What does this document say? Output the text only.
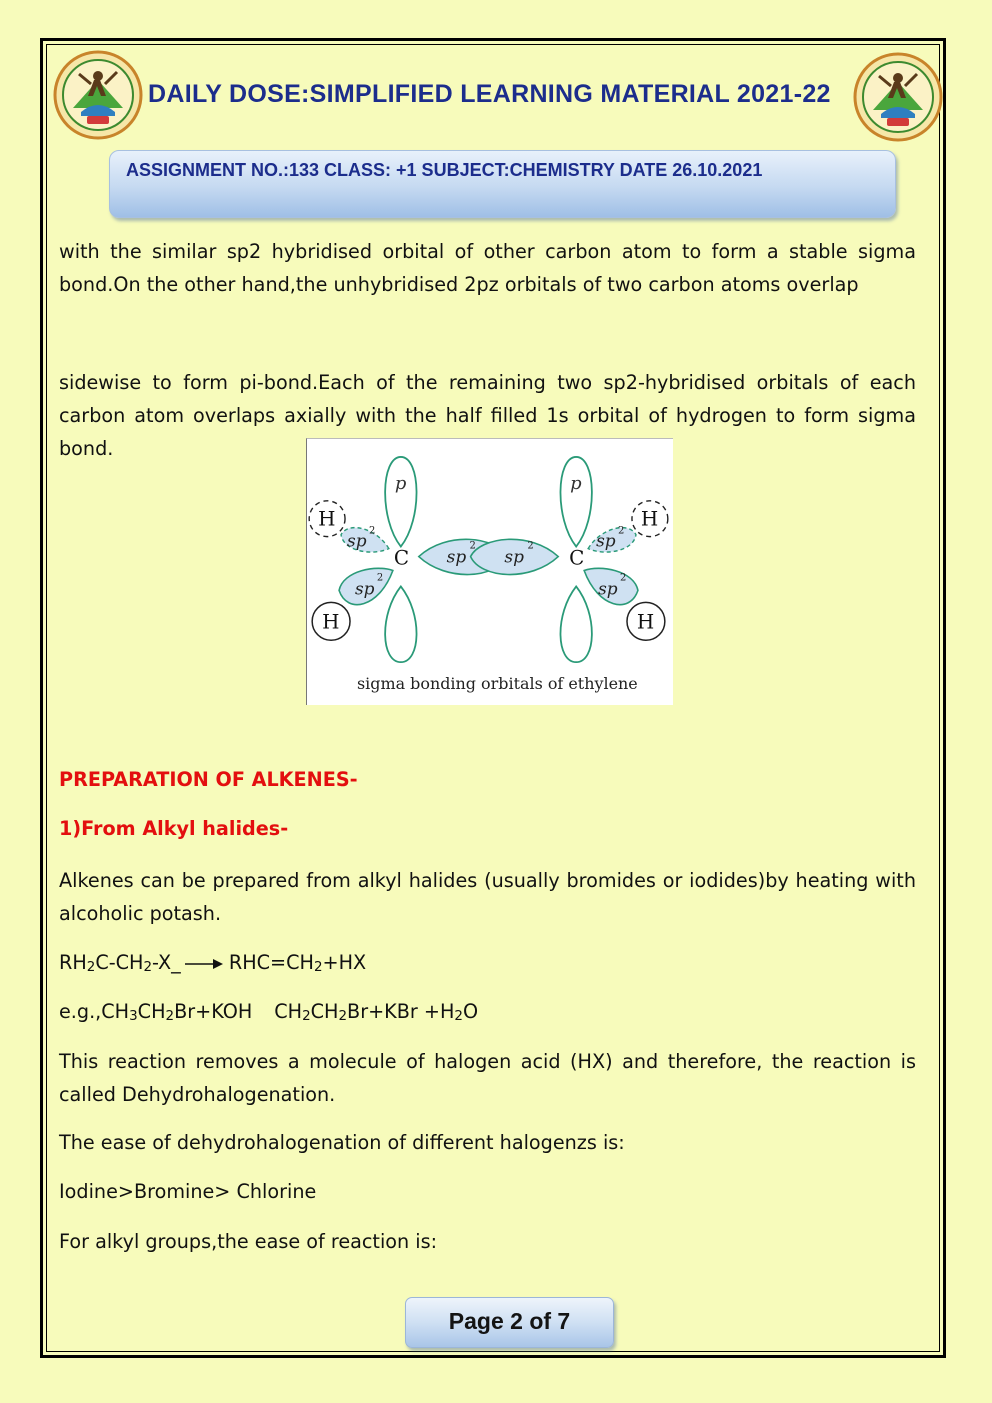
DAILY DOSE:SIMPLIFIED LEARNING MATERIAL 2021-22
ASSIGNMENT NO.:133 CLASS: +1 SUBJECT:CHEMISTRY DATE 26.10.2021

with the similar sp2 hybridised orbital of other carbon atom to form a stable sigma bond.On the other hand,the unhybridised 2pz orbitals of two carbon atoms overlap

sidewise to form pi-bond.Each of the remaining two sp2-hybridised orbitals of each carbon atom overlaps axially with the half filled 1s orbital of hydrogen to form sigma bond.

p	p
sp
2
sp
2
C	C
H
sp 2
sp
2
H
H
sp 2
sp
2
H
sigma bonding orbitals of ethylene
PREPARATION OF ALKENES-
1)From Alkyl halides-

Alkenes can be prepared from alkyl halides (usually bromides or iodides)by heating with alcoholic potash.

$RH_2C-CH_2-X\_ \to RHC=CH_2+HX$
$e.g.,CH_3CH_2Br+KOH$ $CH_2CH_2Br+KBr +H_2O$

This reaction removes a molecule of halogen acid (HX) and therefore, the reaction is called Dehydrohalogenation.

The ease of dehydrohalogenation of different halogenzs is:

Iodine>Bromine> Chlorine

For alkyl groups,the ease of reaction is:

Page 2 of 7
